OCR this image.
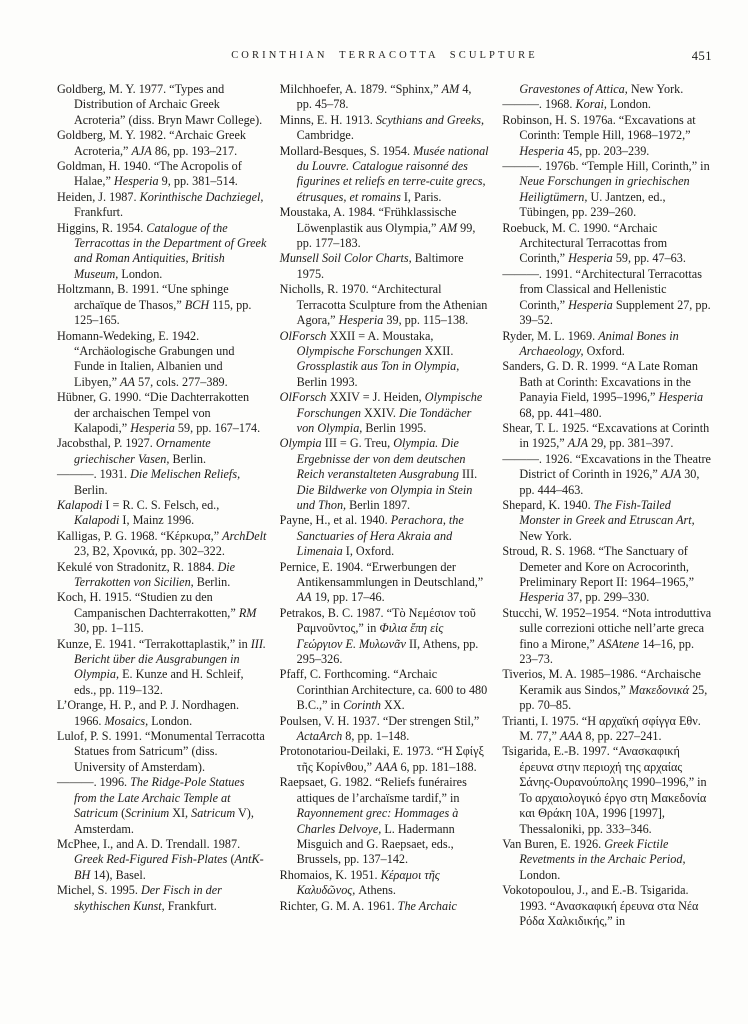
CORINTHIAN TERRACOTTA SCULPTURE	451

Goldberg, M. Y. 1977. “Types and Distribution of Archaic Greek Acroteria” (diss. Bryn Mawr College).

Goldberg, M. Y. 1982. “Archaic Greek Acroteria,” AJA 86, pp. 193–217.

Goldman, H. 1940. “The Acropolis of Halae,” Hesperia 9, pp. 381–514.

Heiden, J. 1987. Korinthische Dachziegel, Frankfurt.

Higgins, R. 1954. Catalogue of the Terracottas in the Department of Greek and Roman Antiquities, British Museum, London.

Holtzmann, B. 1991. “Une sphinge archaïque de Thasos,” BCH 115, pp. 125–165.

Homann-Wedeking, E. 1942. “Archäologische Grabungen und Funde in Italien, Albanien und Libyen,” AA 57, cols. 277–389.

Hübner, G. 1990. “Die Dachterrakotten der archaischen Tempel von Kalapodi,” Hesperia 59, pp. 167–174.

Jacobsthal, P. 1927. Ornamente griechischer Vasen, Berlin.

———. 1931. Die Melischen Reliefs, Berlin.

Kalapodi I = R. C. S. Felsch, ed., Kalapodi I, Mainz 1996.

Kalligas, P. G. 1968. “Κέρκυρα,” ArchDelt 23, B2, Χρονικά, pp. 302–322.

Kekulé von Stradonitz, R. 1884. Die Terrakotten von Sicilien, Berlin.

Koch, H. 1915. “Studien zu den Campanischen Dachterrakotten,” RM 30, pp. 1–115.

Kunze, E. 1941. “Terrakottaplastik,” in III. Bericht über die Ausgrabungen in Olympia, E. Kunze and H. Schleif, eds., pp. 119–132.

L’Orange, H. P., and P. J. Nordhagen. 1966. Mosaics, London.

Lulof, P. S. 1991. “Monumental Terracotta Statues from Satricum” (diss. University of Amsterdam).

———. 1996. The Ridge-Pole Statues from the Late Archaic Temple at Satricum (Scrinium XI, Satricum V), Amsterdam.

McPhee, I., and A. D. Trendall. 1987. Greek Red-Figured Fish-Plates (AntK-BH 14), Basel.

Michel, S. 1995. Der Fisch in der skythischen Kunst, Frankfurt.

Milchhoefer, A. 1879. “Sphinx,” AM 4, pp. 45–78.

Minns, E. H. 1913. Scythians and Greeks, Cambridge.

Mollard-Besques, S. 1954. Musée national du Louvre. Catalogue raisonné des figurines et reliefs en terre-cuite grecs, étrusques, et romains I, Paris.

Moustaka, A. 1984. “Frühklassische Löwenplastik aus Olympia,” AM 99, pp. 177–183.

Munsell Soil Color Charts, Baltimore 1975.

Nicholls, R. 1970. “Architectural Terracotta Sculpture from the Athenian Agora,” Hesperia 39, pp. 115–138.

OlForsch XXII = A. Moustaka, Olympische Forschungen XXII. Grossplastik aus Ton in Olympia, Berlin 1993.

OlForsch XXIV = J. Heiden, Olympische Forschungen XXIV. Die Tondächer von Olympia, Berlin 1995.

Olympia III = G. Treu, Olympia. Die Ergebnisse der von dem deutschen Reich veranstalteten Ausgrabung III. Die Bildwerke von Olympia in Stein und Thon, Berlin 1897.

Payne, H., et al. 1940. Perachora, the Sanctuaries of Hera Akraia and Limenaia I, Oxford.

Pernice, E. 1904. “Erwerbungen der Antikensammlungen in Deutschland,” AA 19, pp. 17–46.

Petrakos, B. C. 1987. “Τὸ Νεμέσιον τοῦ Ραμνοῦντος,” in Φιλια ἔπη εἰς Γεώργιον Ε. Μυλωνᾶν II, Athens, pp. 295–326.

Pfaff, C. Forthcoming. “Archaic Corinthian Architecture, ca. 600 to 480 B.C.,” in Corinth XX.

Poulsen, V. H. 1937. “Der strengen Stil,” ActaArch 8, pp. 1–148.

Protonotariou-Deilaki, E. 1973. “Ἡ Σφίγξ τῆς Κορίνθου,” ΑΑΑ 6, pp. 181–188.

Raepsaet, G. 1982. “Reliefs funéraires attiques de l’archaïsme tardif,” in Rayonnement grec: Hommages à Charles Delvoye, L. Hadermann Misguich and G. Raepsaet, eds., Brussels, pp. 137–142.

Rhomaios, K. 1951. Κέραμοι τῆς Καλυδῶνος, Athens.

Richter, G. M. A. 1961. The Archaic

Gravestones of Attica, New York.

———. 1968. Korai, London.

Robinson, H. S. 1976a. “Excavations at Corinth: Temple Hill, 1968–1972,” Hesperia 45, pp. 203–239.

———. 1976b. “Temple Hill, Corinth,” in Neue Forschungen in griechischen Heiligtümern, U. Jantzen, ed., Tübingen, pp. 239–260.

Roebuck, M. C. 1990. “Archaic Architectural Terracottas from Corinth,” Hesperia 59, pp. 47–63.

———. 1991. “Architectural Terracottas from Classical and Hellenistic Corinth,” Hesperia Supplement 27, pp. 39–52.

Ryder, M. L. 1969. Animal Bones in Archaeology, Oxford.

Sanders, G. D. R. 1999. “A Late Roman Bath at Corinth: Excavations in the Panayia Field, 1995–1996,” Hesperia 68, pp. 441–480.

Shear, T. L. 1925. “Excavations at Corinth in 1925,” AJA 29, pp. 381–397.

———. 1926. “Excavations in the Theatre District of Corinth in 1926,” AJA 30, pp. 444–463.

Shepard, K. 1940. The Fish-Tailed Monster in Greek and Etruscan Art, New York.

Stroud, R. S. 1968. “The Sanctuary of Demeter and Kore on Acrocorinth, Preliminary Report II: 1964–1965,” Hesperia 37, pp. 299–330.

Stucchi, W. 1952–1954. “Nota introduttiva sulle correzioni ottiche nell’arte greca fino a Mirone,” ASAtene 14–16, pp. 23–73.

Tiverios, M. A. 1985–1986. “Archaische Keramik aus Sindos,” Μακεδονικά 25, pp. 70–85.

Trianti, I. 1975. “Η αρχαϊκή σφίγγα Εθν. Μ. 77,” ΑΑΑ 8, pp. 227–241.

Tsigarida, E.-B. 1997. “Ανασκαφική έρευνα στην περιοχή της αρχαίας Σάνης-Ουρανούπολης 1990–1996,” in Το αρχαιολογικό έργο στη Μακεδονία και Θράκη 10Α, 1996 [1997], Thessaloniki, pp. 333–346.

Van Buren, E. 1926. Greek Fictile Revetments in the Archaic Period, London.

Vokotopoulou, J., and E.-B. Tsigarida. 1993. “Ανασκαφική έρευνα στα Νέα Ρόδα Χαλκιδικής,” in
